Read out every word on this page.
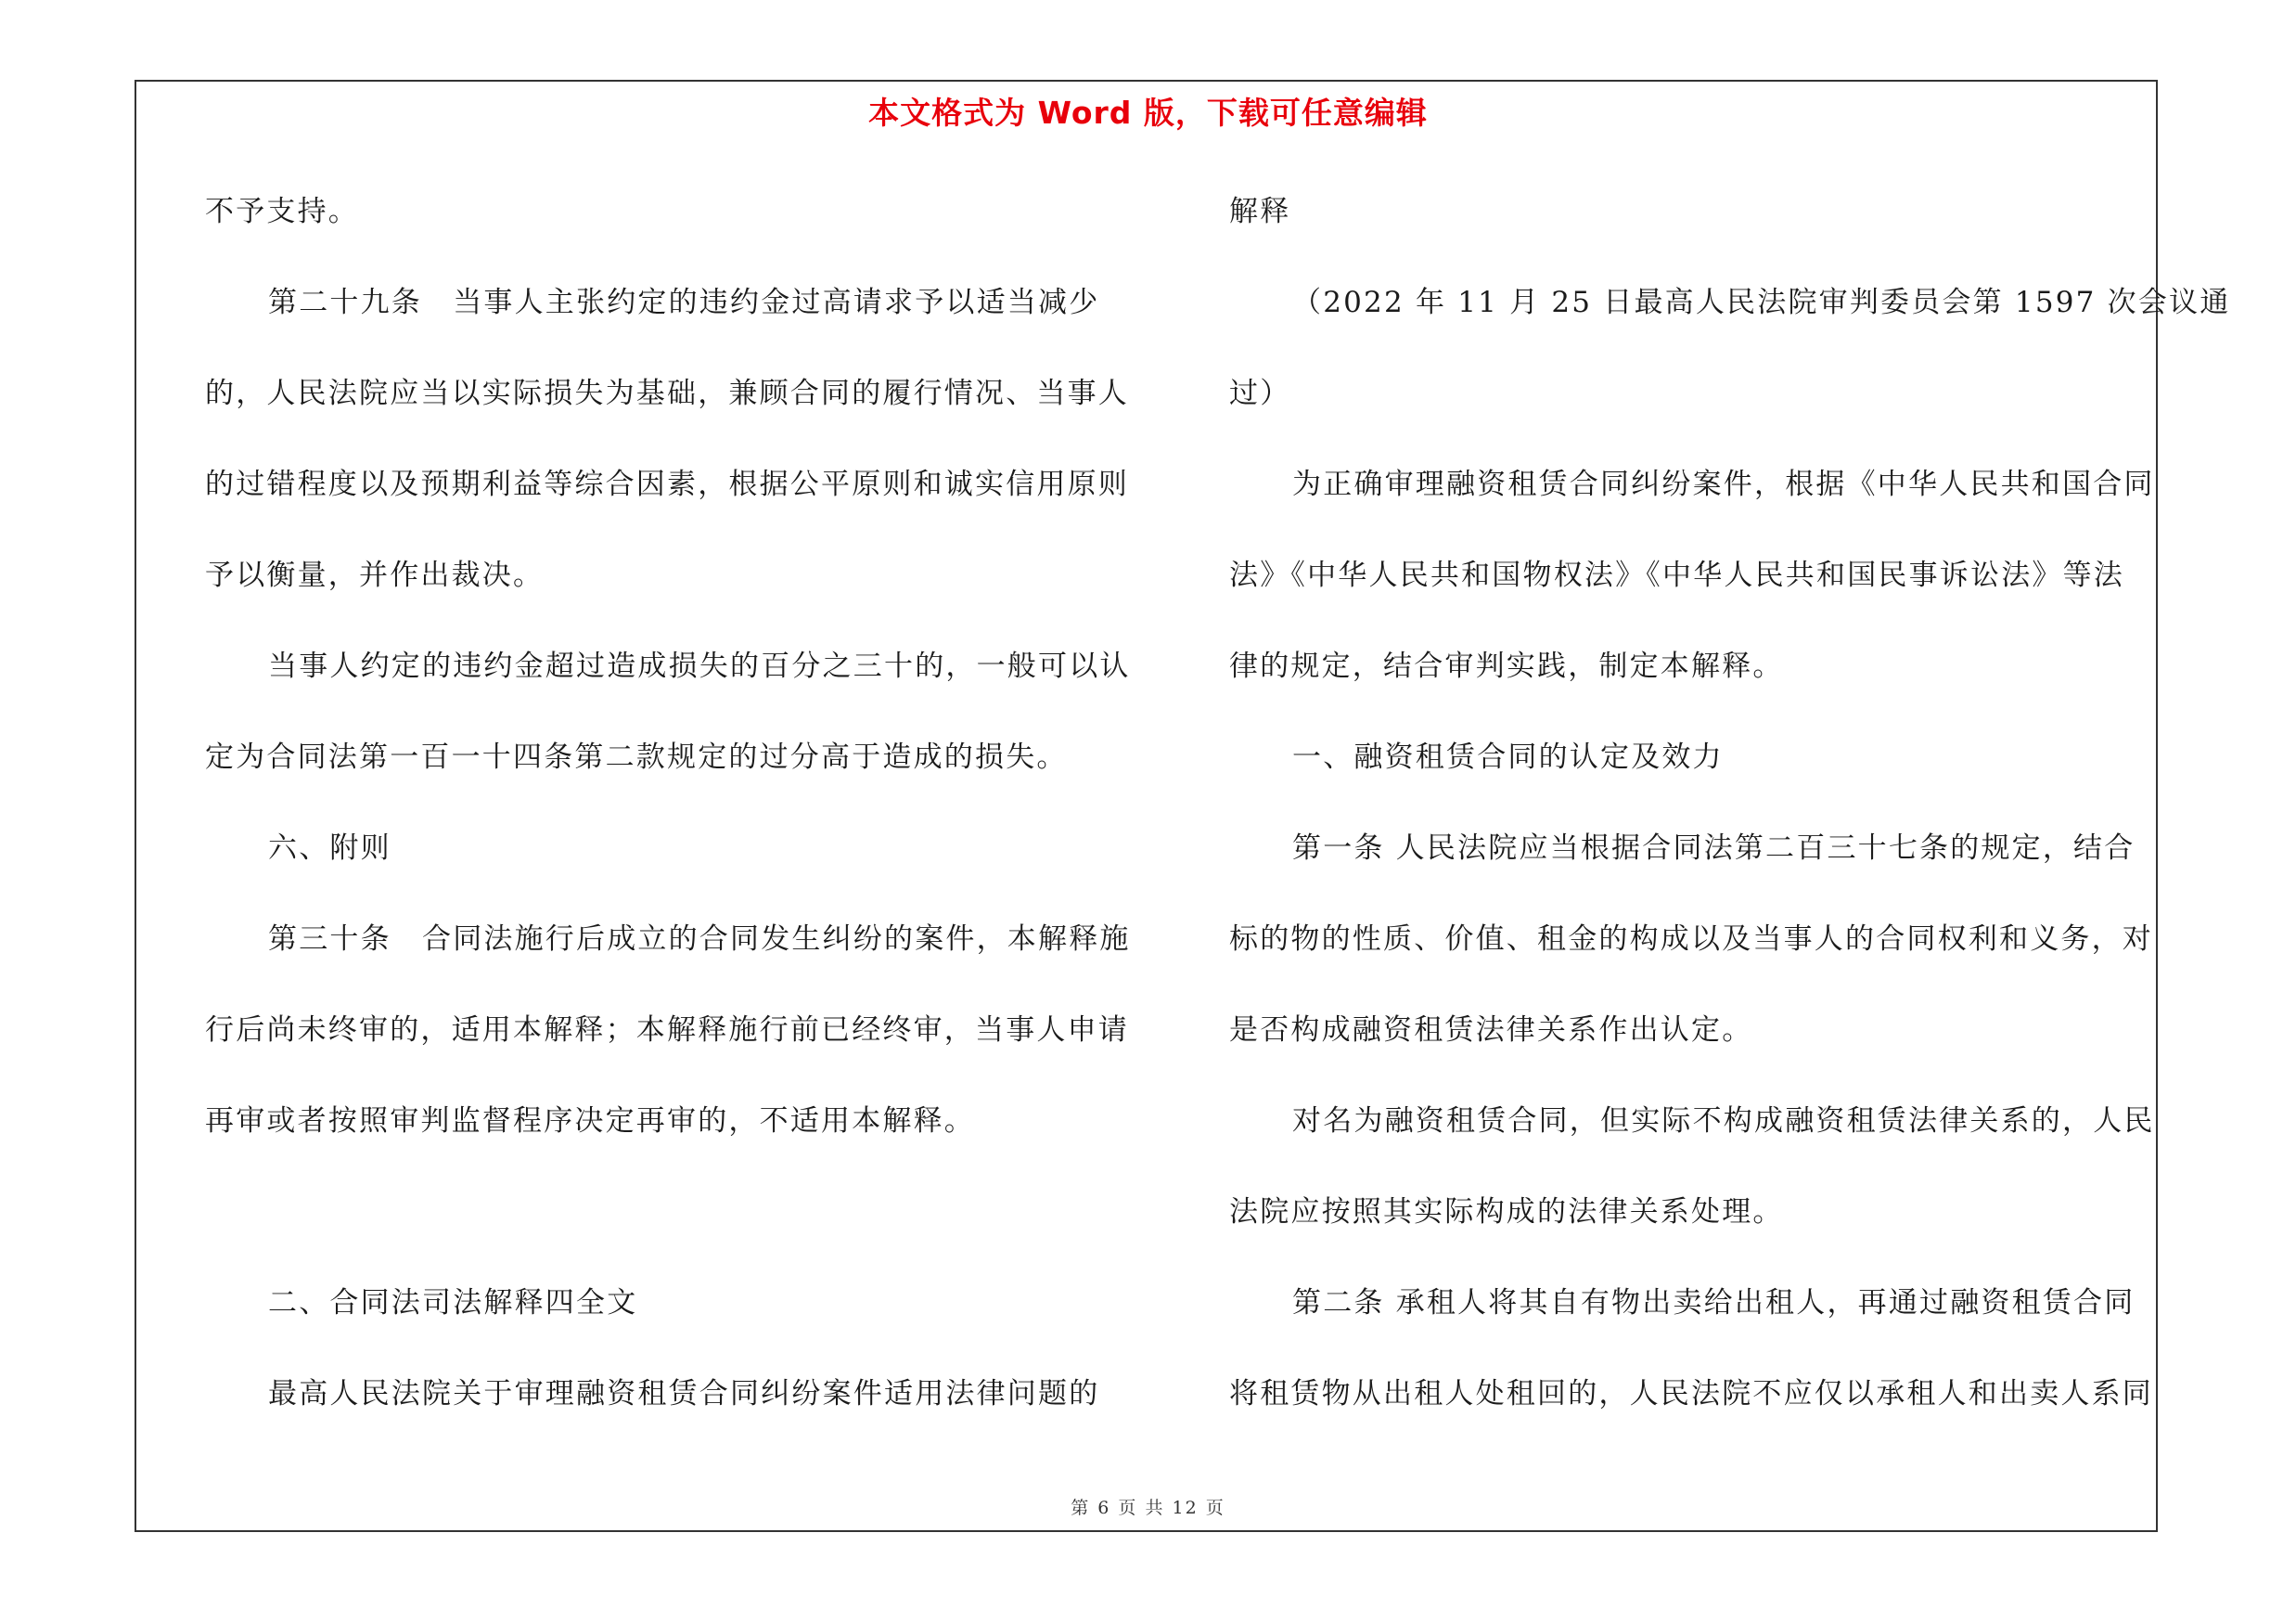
本文格式为 Word 版，下载可任意编辑
不予支持。
第二十九条　当事人主张约定的违约金过高请求予以适当减少
的，人民法院应当以实际损失为基础，兼顾合同的履行情况、当事人
的过错程度以及预期利益等综合因素，根据公平原则和诚实信用原则
予以衡量，并作出裁决。
当事人约定的违约金超过造成损失的百分之三十的，一般可以认
定为合同法第一百一十四条第二款规定的过分高于造成的损失。
六、附则
第三十条　合同法施行后成立的合同发生纠纷的案件，本解释施
行后尚未终审的，适用本解释；本解释施行前已经终审，当事人申请
再审或者按照审判监督程序决定再审的，不适用本解释。
二、合同法司法解释四全文
最高人民法院关于审理融资租赁合同纠纷案件适用法律问题的
解释
（2022 年 11 月 25 日最高人民法院审判委员会第 1597 次会议通
过）
为正确审理融资租赁合同纠纷案件，根据《中华人民共和国合同
法》《中华人民共和国物权法》《中华人民共和国民事诉讼法》等法
律的规定，结合审判实践，制定本解释。
一、融资租赁合同的认定及效力
第一条 人民法院应当根据合同法第二百三十七条的规定，结合
标的物的性质、价值、租金的构成以及当事人的合同权利和义务，对
是否构成融资租赁法律关系作出认定。
对名为融资租赁合同，但实际不构成融资租赁法律关系的，人民
法院应按照其实际构成的法律关系处理。
第二条 承租人将其自有物出卖给出租人，再通过融资租赁合同
将租赁物从出租人处租回的，人民法院不应仅以承租人和出卖人系同
第 6 页 共 12 页
